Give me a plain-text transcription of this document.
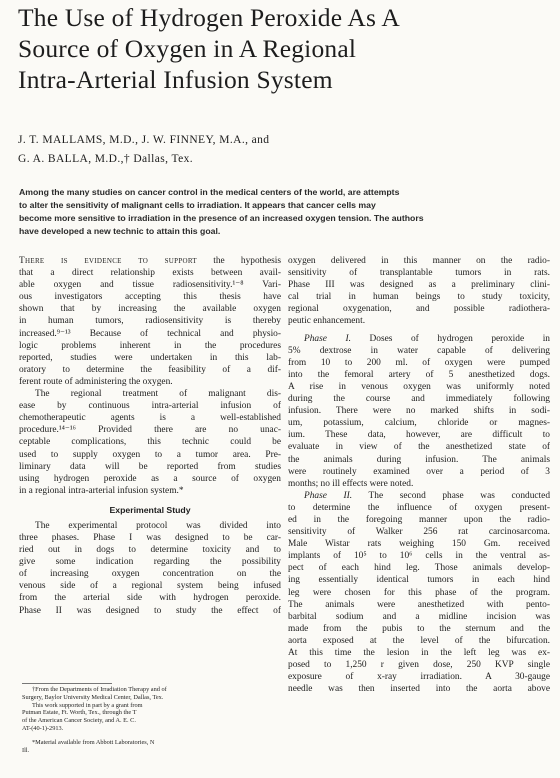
The Use of Hydrogen Peroxide As A
Source of Oxygen in A Regional
Intra-Arterial Infusion System
J. T. MALLAMS, M.D., J. W. FINNEY, M.A., and
G. A. BALLA, M.D.,† Dallas, Tex.
Among the many studies on cancer control in the medical centers of the world, are attempts
to alter the sensitivity of malignant cells to irradiation. It appears that cancer cells may
become more sensitive to irradiation in the presence of an increased oxygen tension. The authors
have developed a new technic to attain this goal.

There is evidence to support the hypothesis
that a direct relationship exists between avail-
able oxygen and tissue radiosensitivity.¹⁻⁸ Vari-
ous investigators accepting this thesis have
shown that by increasing the available oxygen
in human tumors, radiosensitivity is thereby
increased.⁹⁻¹³ Because of technical and physio-
logic problems inherent in the procedures
reported, studies were undertaken in this lab-
oratory to determine the feasibility of a dif-
ferent route of administering the oxygen.

The regional treatment of malignant dis-
ease by continuous intra-arterial infusion of
chemotherapeutic agents is a well-established
procedure.¹⁴⁻¹⁶ Provided there are no unac-
ceptable complications, this technic could be
used to supply oxygen to a tumor area. Pre-
liminary data will be reported from studies
using hydrogen peroxide as a source of oxygen
in a regional intra-arterial infusion system.*

Experimental Study

The experimental protocol was divided into
three phases. Phase I was designed to be car-
ried out in dogs to determine toxicity and to
give some indication regarding the possibility
of increasing oxygen concentration on the
venous side of a regional system being infused
from the arterial side with hydrogen peroxide.
Phase II was designed to study the effect of

†From the Departments of Irradiation Therapy and of
Surgery, Baylor University Medical Center, Dallas, Tex.
This work supported in part by a grant from
Putman Estate, Ft. Worth, Tex., through the T
of the American Cancer Society, and A. E. C.
AT-(40-1)-2913.
*Material available from Abbott Laboratories, N
Ill.

oxygen delivered in this manner on the radio-
sensitivity of transplantable tumors in rats.
Phase III was designed as a preliminary clini-
cal trial in human beings to study toxicity,
regional oxygenation, and possible radiothera-
peutic enhancement.

Phase I. Doses of hydrogen peroxide in
5% dextrose in water capable of delivering
from 10 to 200 ml. of oxygen were pumped
into the femoral artery of 5 anesthetized dogs.
A rise in venous oxygen was uniformly noted
during the course and immediately following
infusion. There were no marked shifts in sodi-
um, potassium, calcium, chloride or magnes-
ium. These data, however, are difficult to
evaluate in view of the anesthetized state of
the animals during infusion. The animals
were routinely examined over a period of 3
months; no ill effects were noted.

Phase II. The second phase was conducted
to determine the influence of oxygen present-
ed in the foregoing manner upon the radio-
sensitivity of Walker 256 rat carcinosarcoma.
Male Wistar rats weighing 150 Gm. received
implants of 10⁵ to 10⁶ cells in the ventral as-
pect of each hind leg. Those animals develop-
ing essentially identical tumors in each hind
leg were chosen for this phase of the program.
The animals were anesthetized with pento-
barbital sodium and a midline incision was
made from the pubis to the sternum and the
aorta exposed at the level of the bifurcation.
At this time the lesion in the left leg was ex-
posed to 1,250 r given dose, 250 KVP single
exposure of x-ray irradiation. A 30-gauge
needle was then inserted into the aorta above
